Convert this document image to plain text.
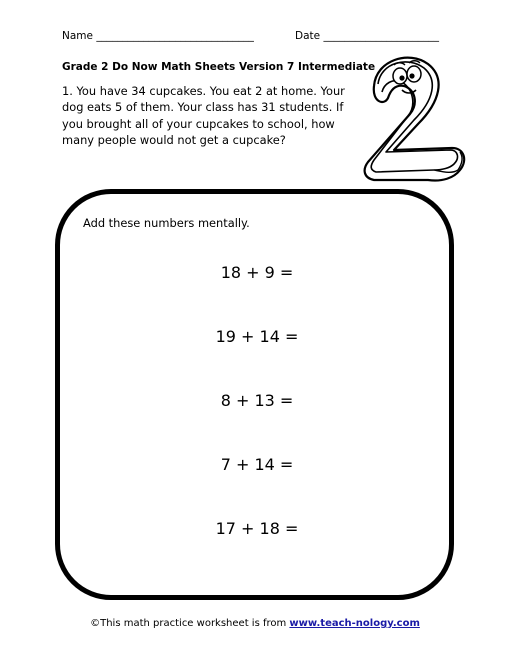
Name ______________________________	Date ______________________
Grade 2 Do Now Math Sheets Version 7 Intermediate
1. You have 34 cupcakes. You eat 2 at home. Your
dog eats 5 of them. Your class has 31 students. If
you brought all of your cupcakes to school, how
many people would not get a cupcake?
Add these numbers mentally.
18 + 9 =
19 + 14 =
8 + 13 =
7 + 14 =
17 + 18 =
©This math practice worksheet is from www.teach-nology.com
